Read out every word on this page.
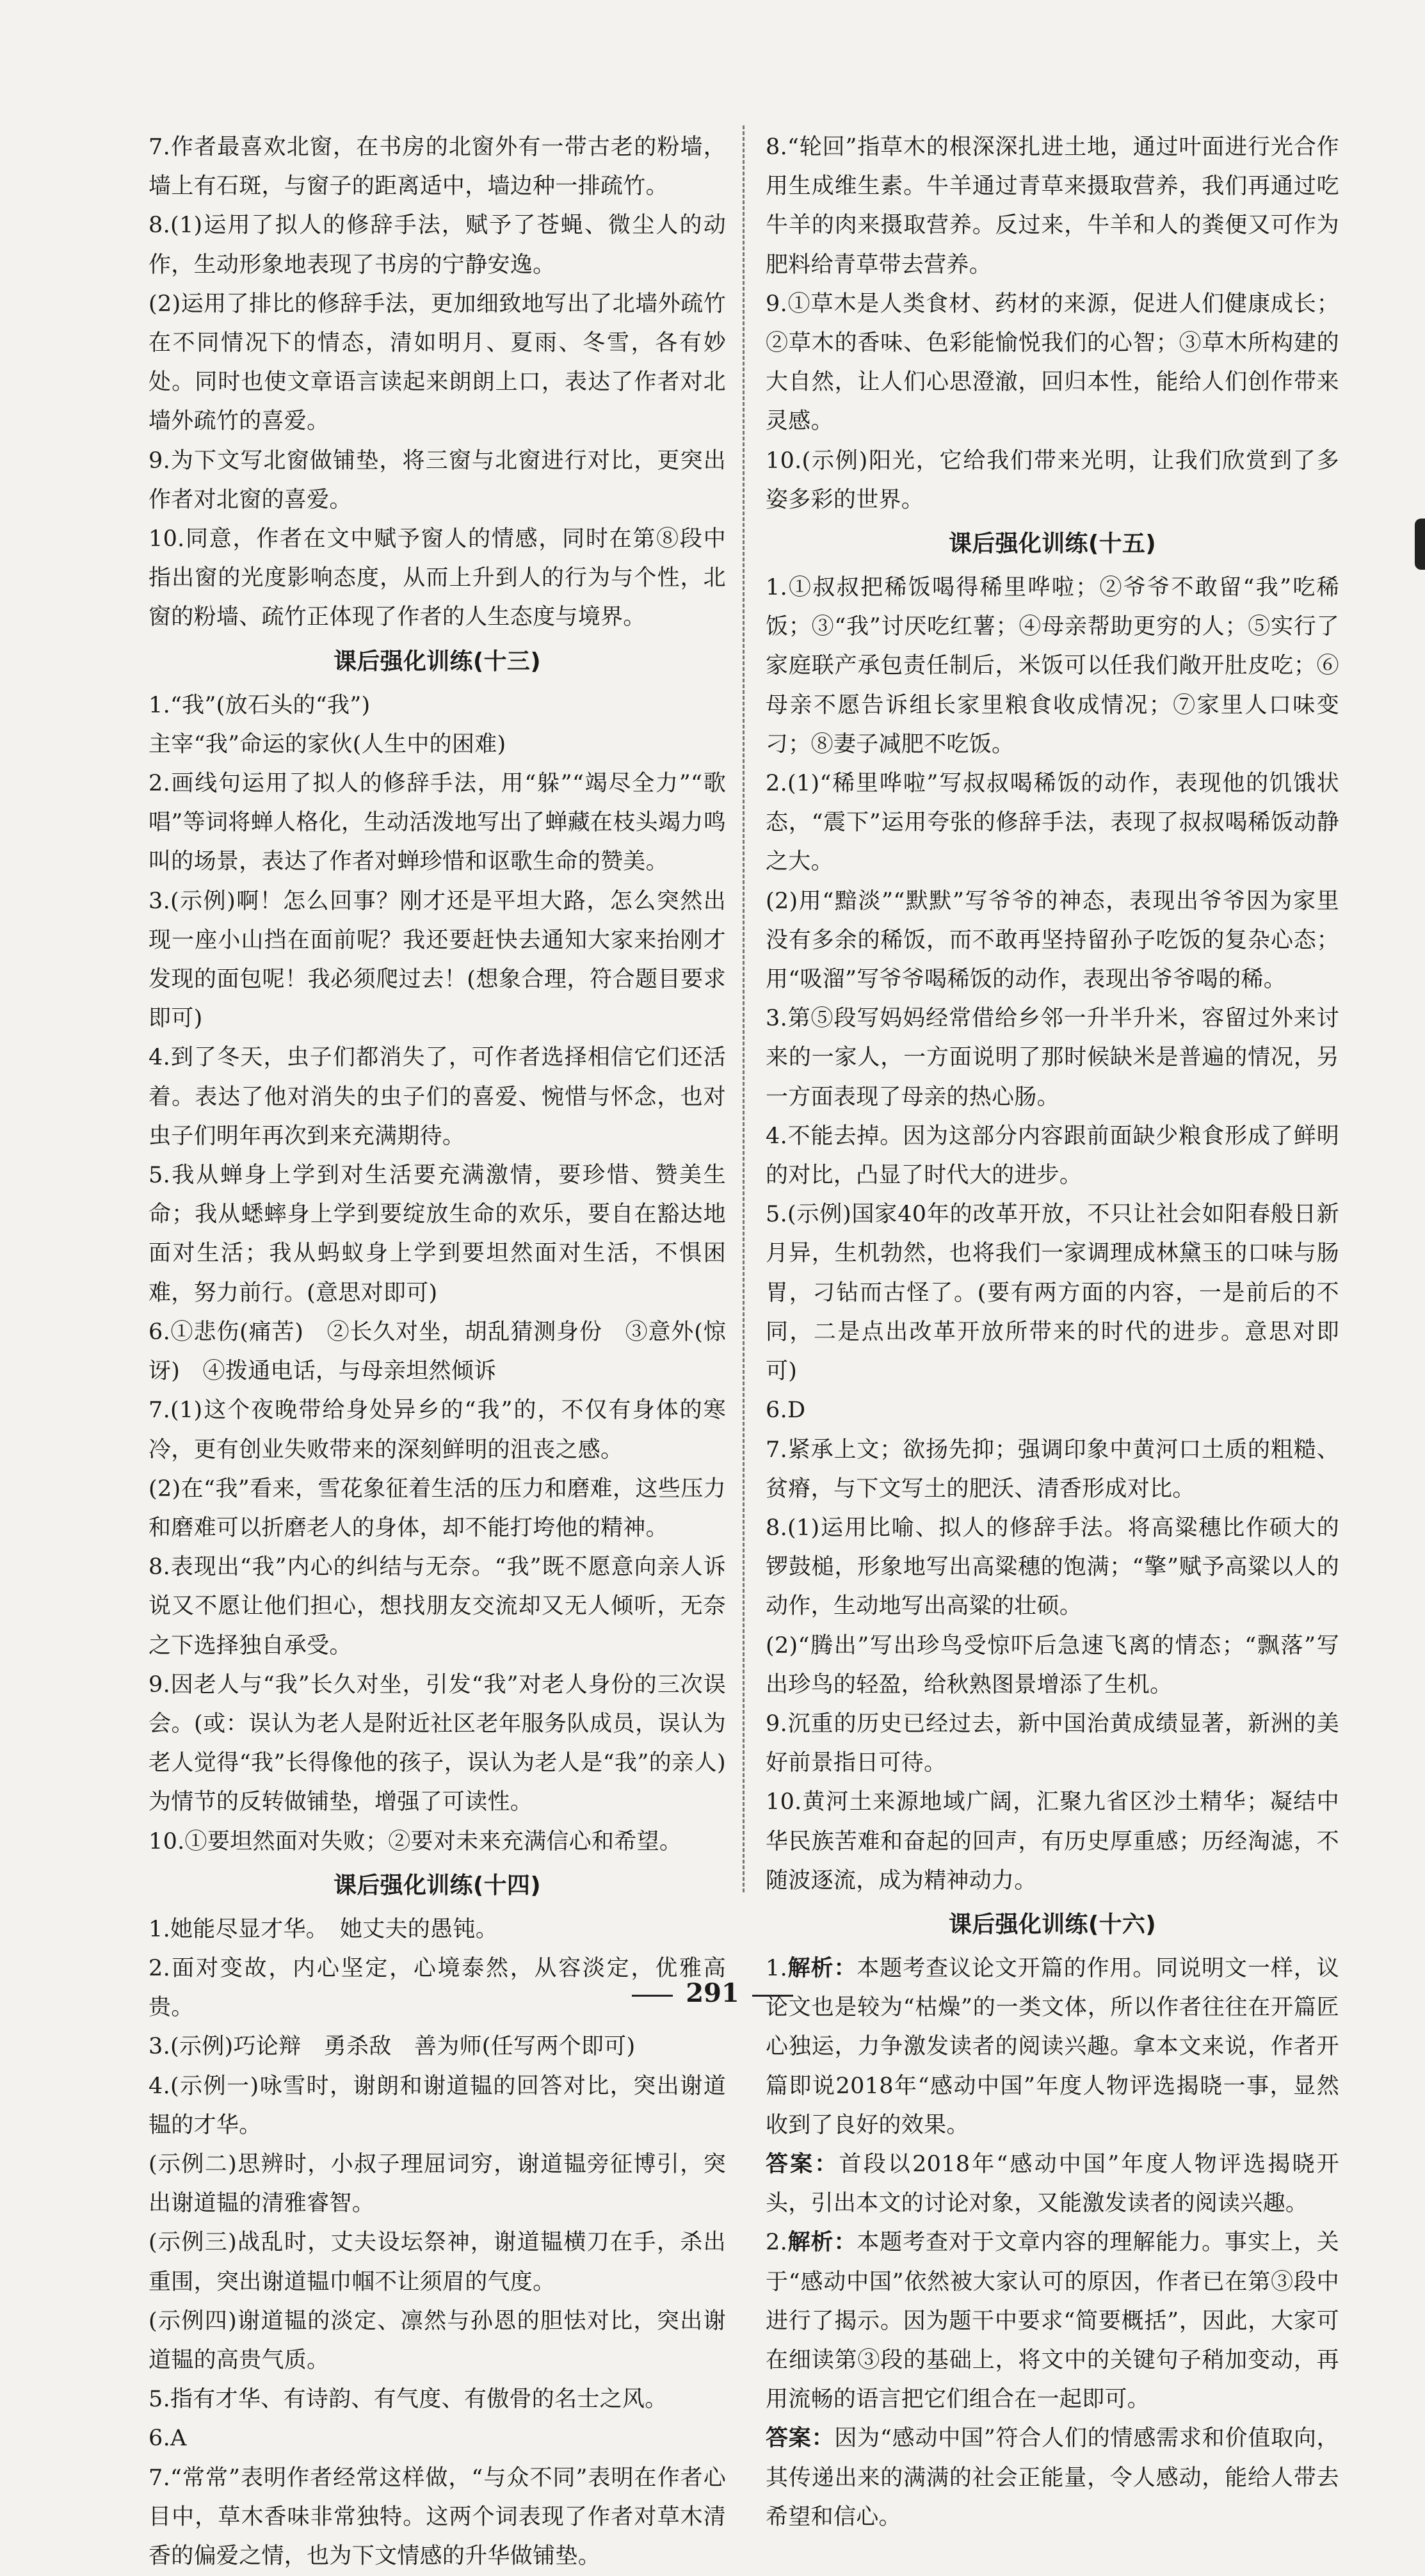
7.作者最喜欢北窗，在书房的北窗外有一带古老的粉墙，墙上有石斑，与窗子的距离适中，墙边种一排疏竹。
8.(1)运用了拟人的修辞手法，赋予了苍蝇、微尘人的动作，生动形象地表现了书房的宁静安逸。
(2)运用了排比的修辞手法，更加细致地写出了北墙外疏竹在不同情况下的情态，清如明月、夏雨、冬雪，各有妙处。同时也使文章语言读起来朗朗上口，表达了作者对北墙外疏竹的喜爱。
9.为下文写北窗做铺垫，将三窗与北窗进行对比，更突出作者对北窗的喜爱。
10.同意，作者在文中赋予窗人的情感，同时在第⑧段中指出窗的光度影响态度，从而上升到人的行为与个性，北窗的粉墙、疏竹正体现了作者的人生态度与境界。
课后强化训练(十三)
1.“我”(放石头的“我”)
主宰“我”命运的家伙(人生中的困难)
2.画线句运用了拟人的修辞手法，用“躲”“竭尽全力”“歌唱”等词将蝉人格化，生动活泼地写出了蝉藏在枝头竭力鸣叫的场景，表达了作者对蝉珍惜和讴歌生命的赞美。
3.(示例)啊！怎么回事？刚才还是平坦大路，怎么突然出现一座小山挡在面前呢？我还要赶快去通知大家来抬刚才发现的面包呢！我必须爬过去！(想象合理，符合题目要求即可)
4.到了冬天，虫子们都消失了，可作者选择相信它们还活着。表达了他对消失的虫子们的喜爱、惋惜与怀念，也对虫子们明年再次到来充满期待。
5.我从蝉身上学到对生活要充满激情，要珍惜、赞美生命；我从蟋蟀身上学到要绽放生命的欢乐，要自在豁达地面对生活；我从蚂蚁身上学到要坦然面对生活，不惧困难，努力前行。(意思对即可)
6.①悲伤(痛苦)　②长久对坐，胡乱猜测身份　③意外(惊讶)　④拨通电话，与母亲坦然倾诉
7.(1)这个夜晚带给身处异乡的“我”的，不仅有身体的寒冷，更有创业失败带来的深刻鲜明的沮丧之感。
(2)在“我”看来，雪花象征着生活的压力和磨难，这些压力和磨难可以折磨老人的身体，却不能打垮他的精神。
8.表现出“我”内心的纠结与无奈。“我”既不愿意向亲人诉说又不愿让他们担心，想找朋友交流却又无人倾听，无奈之下选择独自承受。
9.因老人与“我”长久对坐，引发“我”对老人身份的三次误会。(或：误认为老人是附近社区老年服务队成员，误认为老人觉得“我”长得像他的孩子，误认为老人是“我”的亲人)为情节的反转做铺垫，增强了可读性。
10.①要坦然面对失败；②要对未来充满信心和希望。
课后强化训练(十四)
1.她能尽显才华。　她丈夫的愚钝。
2.面对变故，内心坚定，心境泰然，从容淡定，优雅高贵。
3.(示例)巧论辩　勇杀敌　善为师(任写两个即可)
4.(示例一)咏雪时，谢朗和谢道韫的回答对比，突出谢道韫的才华。
(示例二)思辨时，小叔子理屈词穷，谢道韫旁征博引，突出谢道韫的清雅睿智。
(示例三)战乱时，丈夫设坛祭神，谢道韫横刀在手，杀出重围，突出谢道韫巾帼不让须眉的气度。
(示例四)谢道韫的淡定、凛然与孙恩的胆怯对比，突出谢道韫的高贵气质。
5.指有才华、有诗韵、有气度、有傲骨的名士之风。
6.A
7.“常常”表明作者经常这样做，“与众不同”表明在作者心目中，草木香味非常独特。这两个词表现了作者对草木清香的偏爱之情，也为下文情感的升华做铺垫。
8.“轮回”指草木的根深深扎进土地，通过叶面进行光合作用生成维生素。牛羊通过青草来摄取营养，我们再通过吃牛羊的肉来摄取营养。反过来，牛羊和人的粪便又可作为肥料给青草带去营养。
9.①草木是人类食材、药材的来源，促进人们健康成长；②草木的香味、色彩能愉悦我们的心智；③草木所构建的大自然，让人们心思澄澈，回归本性，能给人们创作带来灵感。
10.(示例)阳光，它给我们带来光明，让我们欣赏到了多姿多彩的世界。
课后强化训练(十五)
1.①叔叔把稀饭喝得稀里哗啦；②爷爷不敢留“我”吃稀饭；③“我”讨厌吃红薯；④母亲帮助更穷的人；⑤实行了家庭联产承包责任制后，米饭可以任我们敞开肚皮吃；⑥母亲不愿告诉组长家里粮食收成情况；⑦家里人口味变刁；⑧妻子减肥不吃饭。
2.(1)“稀里哗啦”写叔叔喝稀饭的动作，表现他的饥饿状态，“震下”运用夸张的修辞手法，表现了叔叔喝稀饭动静之大。
(2)用“黯淡”“默默”写爷爷的神态，表现出爷爷因为家里没有多余的稀饭，而不敢再坚持留孙子吃饭的复杂心态；用“吸溜”写爷爷喝稀饭的动作，表现出爷爷喝的稀。
3.第⑤段写妈妈经常借给乡邻一升半升米，容留过外来讨来的一家人，一方面说明了那时候缺米是普遍的情况，另一方面表现了母亲的热心肠。
4.不能去掉。因为这部分内容跟前面缺少粮食形成了鲜明的对比，凸显了时代大的进步。
5.(示例)国家40年的改革开放，不只让社会如阳春般日新月异，生机勃然，也将我们一家调理成林黛玉的口味与肠胃，刁钻而古怪了。(要有两方面的内容，一是前后的不同，二是点出改革开放所带来的时代的进步。意思对即可)
6.D
7.紧承上文；欲扬先抑；强调印象中黄河口土质的粗糙、贫瘠，与下文写土的肥沃、清香形成对比。
8.(1)运用比喻、拟人的修辞手法。将高粱穗比作硕大的锣鼓槌，形象地写出高粱穗的饱满；“擎”赋予高粱以人的动作，生动地写出高粱的壮硕。
(2)“腾出”写出珍鸟受惊吓后急速飞离的情态；“飘落”写出珍鸟的轻盈，给秋熟图景增添了生机。
9.沉重的历史已经过去，新中国治黄成绩显著，新洲的美好前景指日可待。
10.黄河土来源地域广阔，汇聚九省区沙土精华；凝结中华民族苦难和奋起的回声，有历史厚重感；历经淘滤，不随波逐流，成为精神动力。
课后强化训练(十六)
1.解析：本题考查议论文开篇的作用。同说明文一样，议论文也是较为“枯燥”的一类文体，所以作者往往在开篇匠心独运，力争激发读者的阅读兴趣。拿本文来说，作者开篇即说2018年“感动中国”年度人物评选揭晓一事，显然收到了良好的效果。
答案：首段以2018年“感动中国”年度人物评选揭晓开头，引出本文的讨论对象，又能激发读者的阅读兴趣。
2.解析：本题考查对于文章内容的理解能力。事实上，关于“感动中国”依然被大家认可的原因，作者已在第③段中进行了揭示。因为题干中要求“简要概括”，因此，大家可在细读第③段的基础上，将文中的关键句子稍加变动，再用流畅的语言把它们组合在一起即可。
答案：因为“感动中国”符合人们的情感需求和价值取向，其传递出来的满满的社会正能量，令人感动，能给人带去希望和信心。
291
